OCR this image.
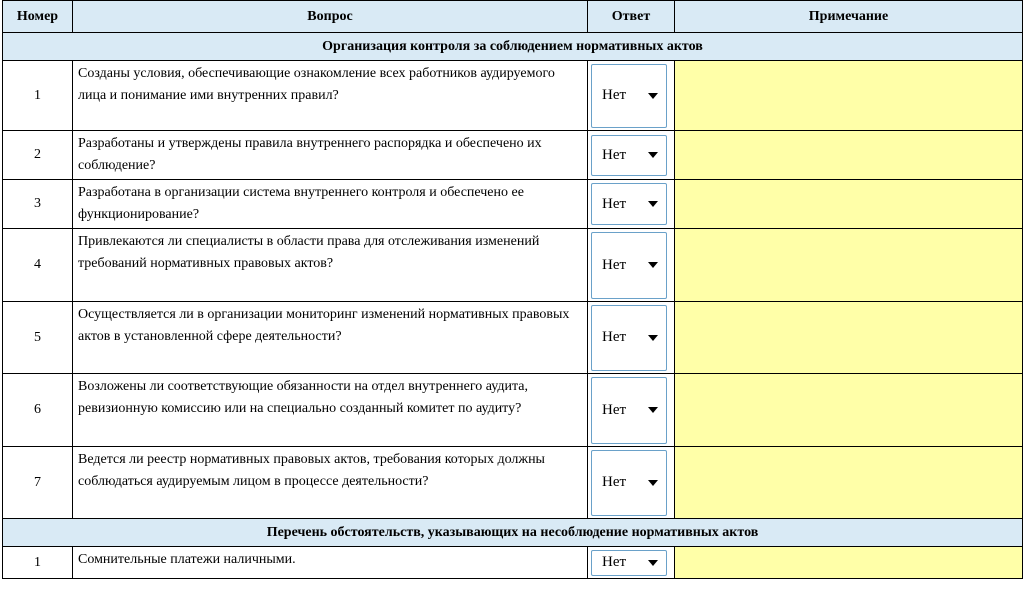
Номер	Вопрос	Ответ	Примечание
Организация контроля за соблюдением нормативных актов			
1	Созданы условия, обеспечивающие ознакомление всех работников аудируемого лица и понимание ими внутренних правил?	Нет	

2	Разработаны и утверждены правила внутреннего распорядка и обеспечено их соблюдение?	Нет	

3	Разработана в организации система внутреннего контроля и обеспечено ее функционирование?	Нет	

4	Привлекаются ли специалисты в области права для отслеживания изменений требований нормативных правовых актов?	Нет	

5	Осуществляется ли в организации мониторинг изменений нормативных правовых актов в установленной сфере деятельности?	Нет	

6	Возложены ли соответствующие обязанности на отдел внутреннего аудита, ревизионную комиссию или на специально созданный комитет по аудиту?	Нет	

7	Ведется ли реестр нормативных правовых актов, требования которых должны соблюдаться аудируемым лицом в процессе деятельности?	Нет	

Перечень обстоятельств, указывающих на несоблюдение нормативных актов			
1	Сомнительные платежи наличными.	Нет	
